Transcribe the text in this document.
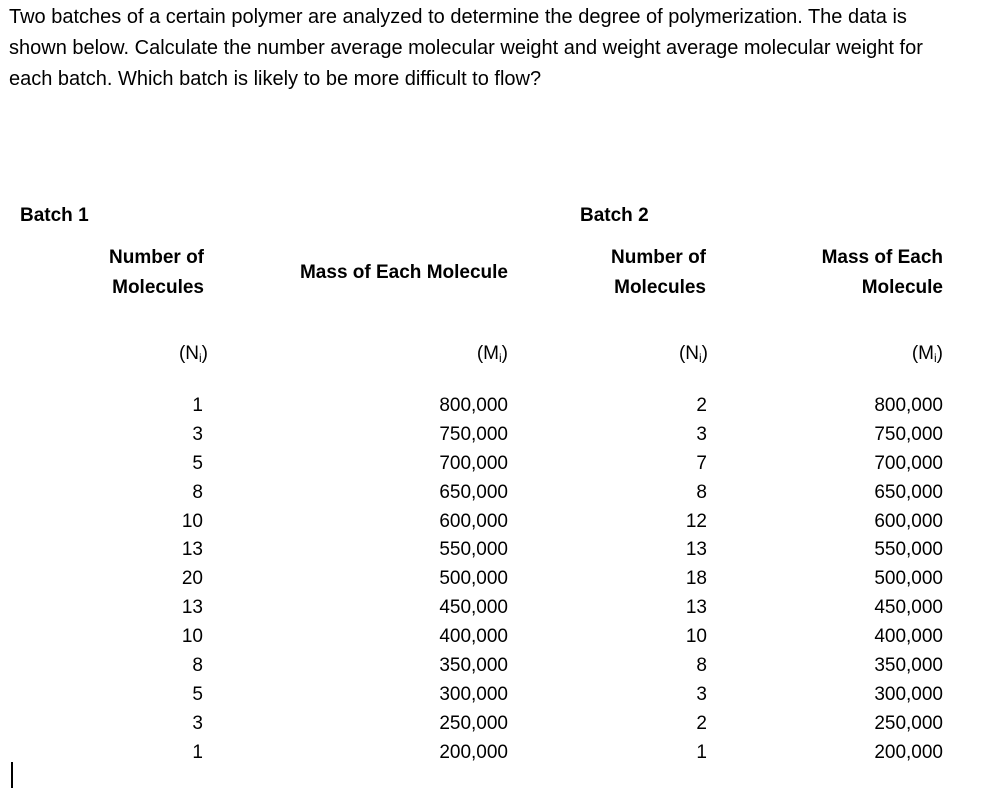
Two batches of a certain polymer are analyzed to determine the degree of polymerization. The data is shown below. Calculate the number average molecular weight and weight average molecular weight for each batch. Which batch is likely to be more difficult to flow?

Batch 1
Number of
Molecules
Mass of Each Molecule
$(N_i)$	$(M_i)$
1
3
5
8
10
13
20
13
10
8
5
3
1
800,000
750,000
700,000
650,000
600,000
550,000
500,000
450,000
400,000
350,000
300,000
250,000
200,000
Batch 2
Number of
Molecules
Mass of Each
Molecule
$(N_i)$	$(M_i)$
2
3
7
8
12
13
18
13
10
8
3
2
1
800,000
750,000
700,000
650,000
600,000
550,000
500,000
450,000
400,000
350,000
300,000
250,000
200,000
